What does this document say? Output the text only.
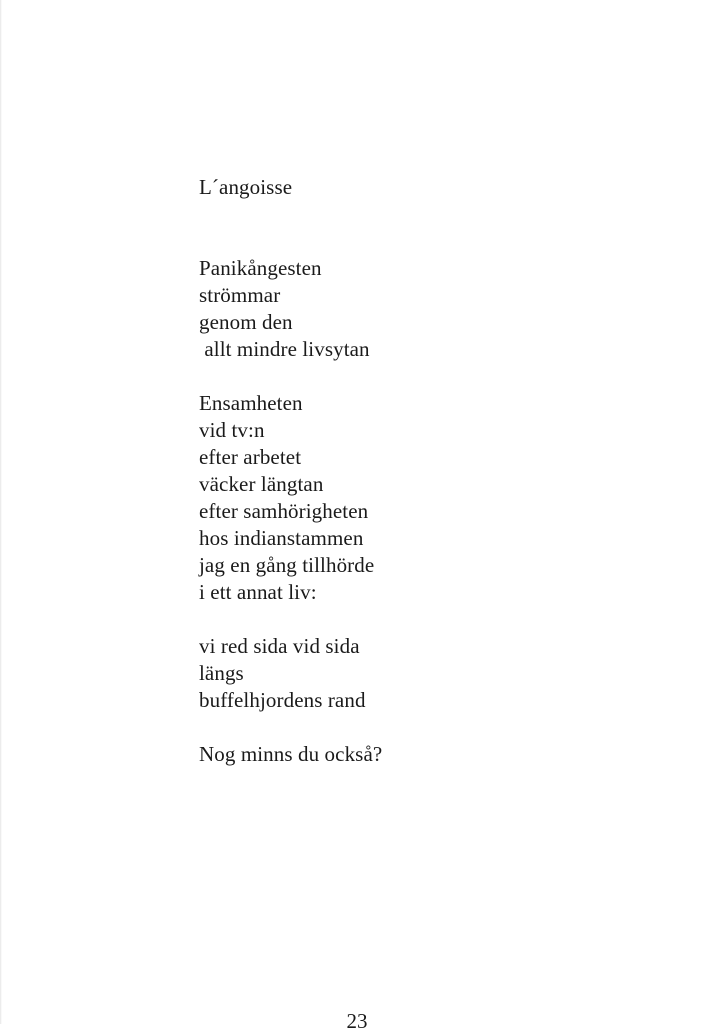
L´angoisse
Panikångesten
strömmar
genom den
allt mindre livsytan
Ensamheten
vid tv:n
efter arbetet
väcker längtan
efter samhörigheten
hos indianstammen
jag en gång tillhörde
i ett annat liv:
vi red sida vid sida
längs
buffelhjordens rand
Nog minns du också?
23
